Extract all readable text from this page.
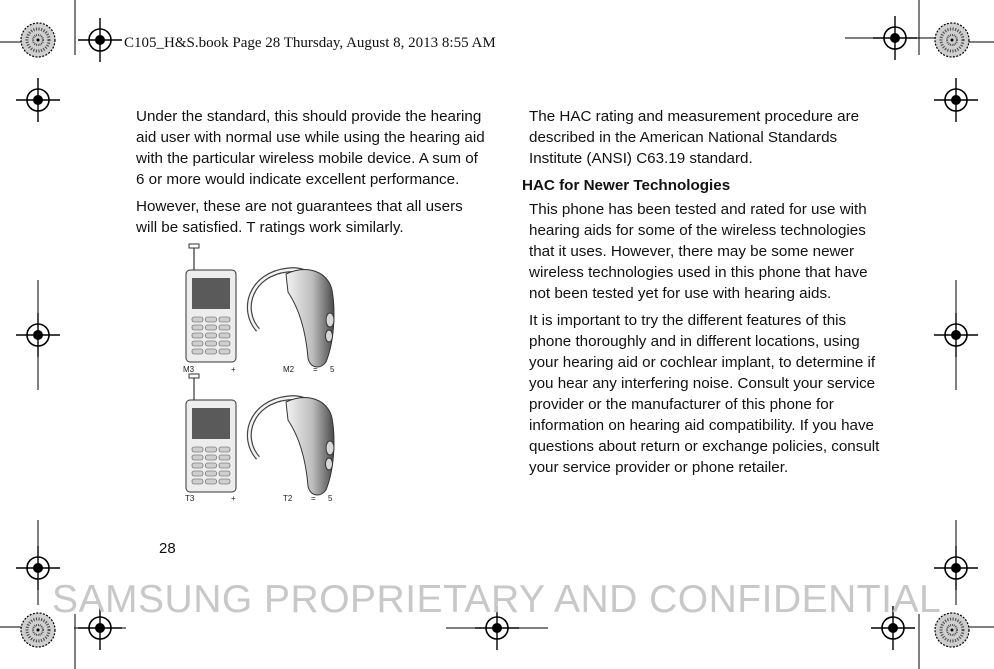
C105_H&S.book Page 28 Thursday, August 8, 2013 8:55 AM

Under the standard, this should provide the hearing aid user with normal use while using the hearing aid with the particular wireless mobile device. A sum of 6 or more would indicate excellent performance.

However, these are not guarantees that all users will be satisfied. T ratings work similarly.

M3	+	M2 = 5
T3	+	T2 = 5

The HAC rating and measurement procedure are described in the American National Standards Institute (ANSI) C63.19 standard.

HAC for Newer Technologies

This phone has been tested and rated for use with hearing aids for some of the wireless technologies that it uses. However, there may be some newer wireless technologies used in this phone that have not been tested yet for use with hearing aids.

It is important to try the different features of this phone thoroughly and in different locations, using your hearing aid or cochlear implant, to determine if you hear any interfering noise. Consult your service provider or the manufacturer of this phone for information on hearing aid compatibility. If you have questions about return or exchange policies, consult your service provider or phone retailer.

28
SAMSUNG PROPRIETARY AND CONFIDENTIAL
